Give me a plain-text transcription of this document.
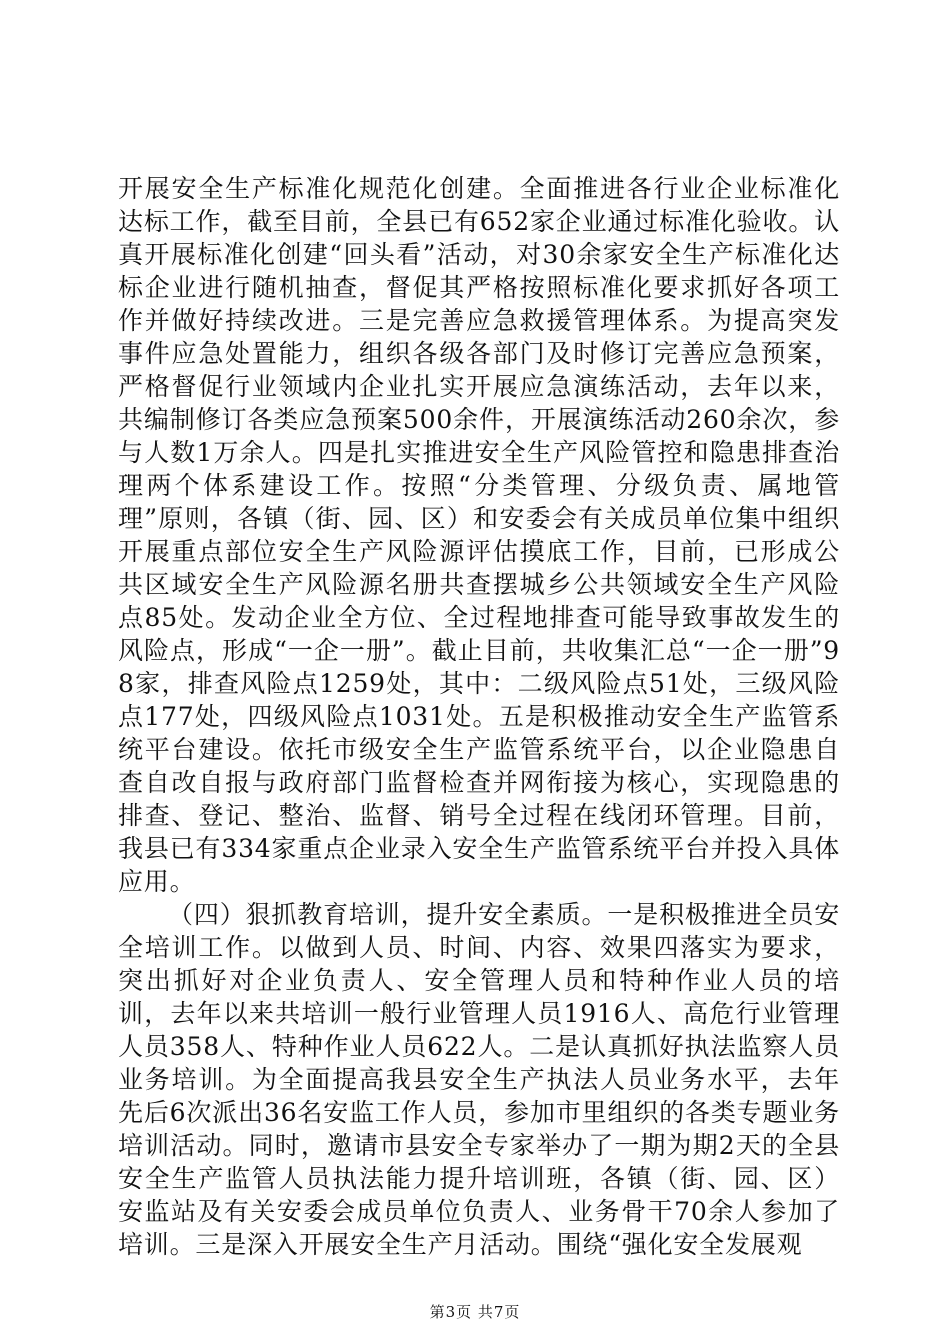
开展安全生产标准化规范化创建。全面推进各行业企业标准化达标工作，截至目前，全县已有652家企业通过标准化验收。认真开展标准化创建“回头看”活动，对30余家安全生产标准化达标企业进行随机抽查，督促其严格按照标准化要求抓好各项工作并做好持续改进。三是完善应急救援管理体系。为提高突发事件应急处置能力，组织各级各部门及时修订完善应急预案，严格督促行业领域内企业扎实开展应急演练活动，去年以来，共编制修订各类应急预案500余件，开展演练活动260余次，参与人数1万余人。四是扎实推进安全生产风险管控和隐患排查治理两个体系建设工作。按照“分类管理、分级负责、属地管理”原则，各镇（街、园、区）和安委会有关成员单位集中组织开展重点部位安全生产风险源评估摸底工作，目前，已形成公共区域安全生产风险源名册共查摆城乡公共领域安全生产风险点85处。发动企业全方位、全过程地排查可能导致事故发生的风险点，形成“一企一册”。截止目前，共收集汇总“一企一册”98家，排查风险点1259处，其中：二级风险点51处，三级风险点177处，四级风险点1031处。五是积极推动安全生产监管系统平台建设。依托市级安全生产监管系统平台，以企业隐患自查自改自报与政府部门监督检查并网衔接为核心，实现隐患的排查、登记、整治、监督、销号全过程在线闭环管理。目前，我县已有334家重点企业录入安全生产监管系统平台并投入具体应用。

（四）狠抓教育培训，提升安全素质。一是积极推进全员安全培训工作。以做到人员、时间、内容、效果四落实为要求，突出抓好对企业负责人、安全管理人员和特种作业人员的培训，去年以来共培训一般行业管理人员1916人、高危行业管理人员358人、特种作业人员622人。二是认真抓好执法监察人员业务培训。为全面提高我县安全生产执法人员业务水平，去年先后6次派出36名安监工作人员，参加市里组织的各类专题业务培训活动。同时，邀请市县安全专家举办了一期为期2天的全县安全生产监管人员执法能力提升培训班，各镇（街、园、区）安监站及有关安委会成员单位负责人、业务骨干70余人参加了培训。三是深入开展安全生产月活动。围绕“强化安全发展观

第3页 共7页
